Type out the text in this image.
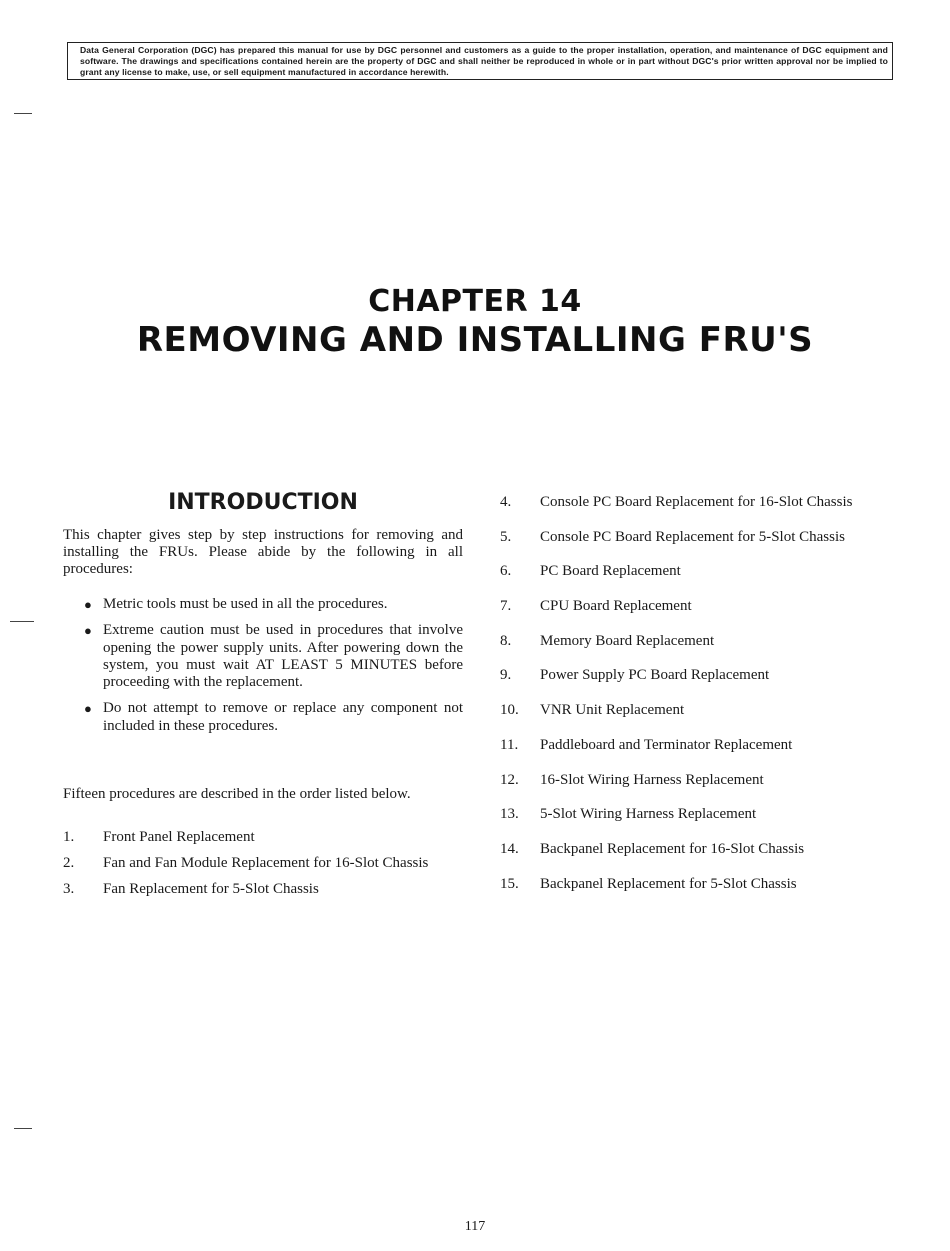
Data General Corporation (DGC) has prepared this manual for use by DGC personnel and customers as a guide to the proper installation, operation, and maintenance of DGC equipment and software. The drawings and specifications contained herein are the property of DGC and shall neither be reproduced in whole or in part without DGC's prior written approval nor be implied to grant any license to make, use, or sell equipment manufactured in accordance herewith.

CHAPTER 14
REMOVING AND INSTALLING FRU'S
INTRODUCTION

This chapter gives step by step instructions for removing and installing the FRUs. Please abide by the following in all procedures:

● Metric tools must be used in all the procedures.
● Extreme caution must be used in procedures that involve opening the power supply units. After powering down the system, you must wait AT LEAST 5 MINUTES before proceeding with the replacement.
● Do not attempt to remove or replace any component not included in these procedures.

Fifteen procedures are described in the order listed below.

1. Front Panel Replacement
2. Fan and Fan Module Replacement for 16-Slot Chassis
3. Fan Replacement for 5-Slot Chassis
4. Console PC Board Replacement for 16-Slot Chassis
5. Console PC Board Replacement for 5-Slot Chassis
6. PC Board Replacement
7. CPU Board Replacement
8. Memory Board Replacement
9. Power Supply PC Board Replacement
10. VNR Unit Replacement
11. Paddleboard and Terminator Replacement
12. 16-Slot Wiring Harness Replacement
13. 5-Slot Wiring Harness Replacement
14. Backpanel Replacement for 16-Slot Chassis
15. Backpanel Replacement for 5-Slot Chassis
117
